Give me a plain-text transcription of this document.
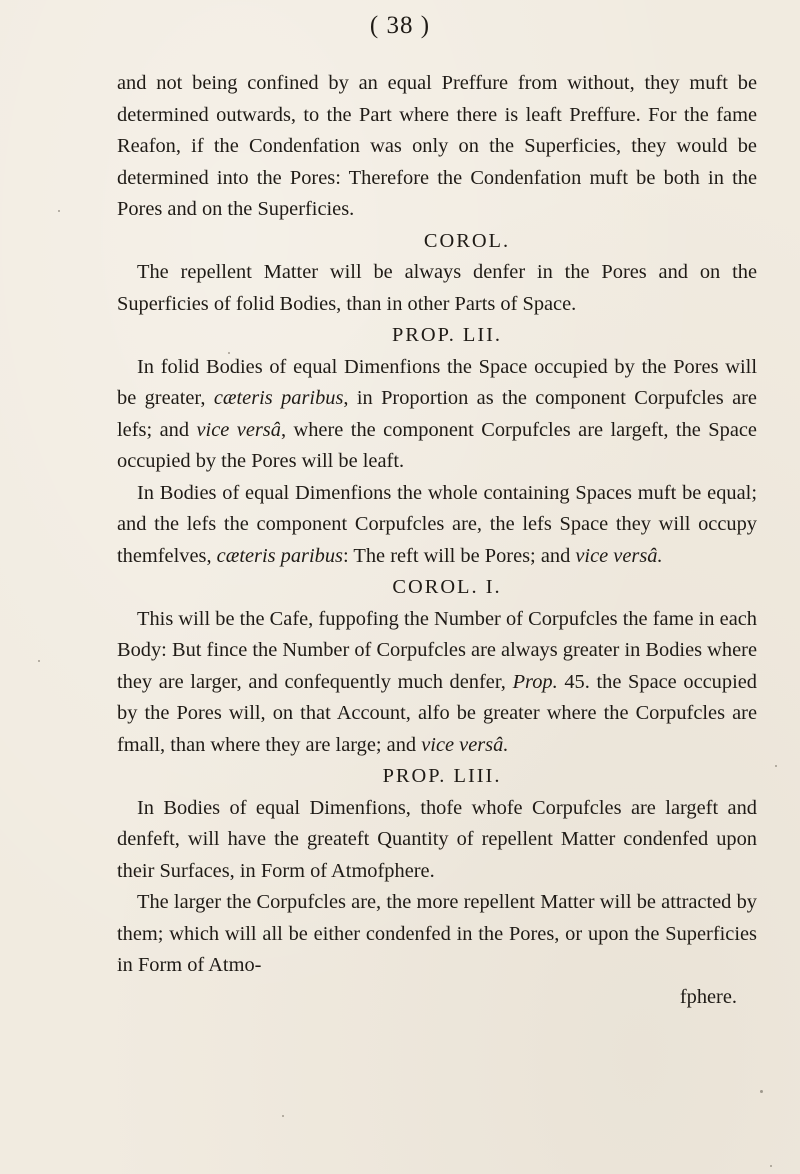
( 38 )

and not being confined by an equal Preffure from without, they muft be determined outwards, to the Part where there is leaft Preffure. For the fame Reafon, if the Condenfation was only on the Superficies, they would be determined into the Pores: Therefore the Condenfation muft be both in the Pores and on the Superficies.

COROL.

The repellent Matter will be always denfer in the Pores and on the Superficies of folid Bodies, than in other Parts of Space.

PROP. LII.

In folid Bodies of equal Dimenfions the Space occupied by the Pores will be greater, cæteris paribus, in Proportion as the component Corpufcles are lefs; and vice versâ, where the component Corpufcles are largeft, the Space occupied by the Pores will be leaft.

In Bodies of equal Dimenfions the whole containing Spaces muft be equal; and the lefs the component Corpufcles are, the lefs Space they will occupy themfelves, cæteris paribus: The reft will be Pores; and vice versâ.

COROL. I.

This will be the Cafe, fuppofing the Number of Corpufcles the fame in each Body: But fince the Number of Corpufcles are always greater in Bodies where they are larger, and confequently much denfer, Prop. 45. the Space occupied by the Pores will, on that Account, alfo be greater where the Corpufcles are fmall, than where they are large; and vice versâ.

PROP. LIII.

In Bodies of equal Dimenfions, thofe whofe Corpufcles are largeft and denfeft, will have the greateft Quantity of repellent Matter condenfed upon their Surfaces, in Form of Atmofphere.

The larger the Corpufcles are, the more repellent Matter will be attracted by them; which will all be either condenfed in the Pores, or upon the Superficies in Form of Atmo-

fphere.
